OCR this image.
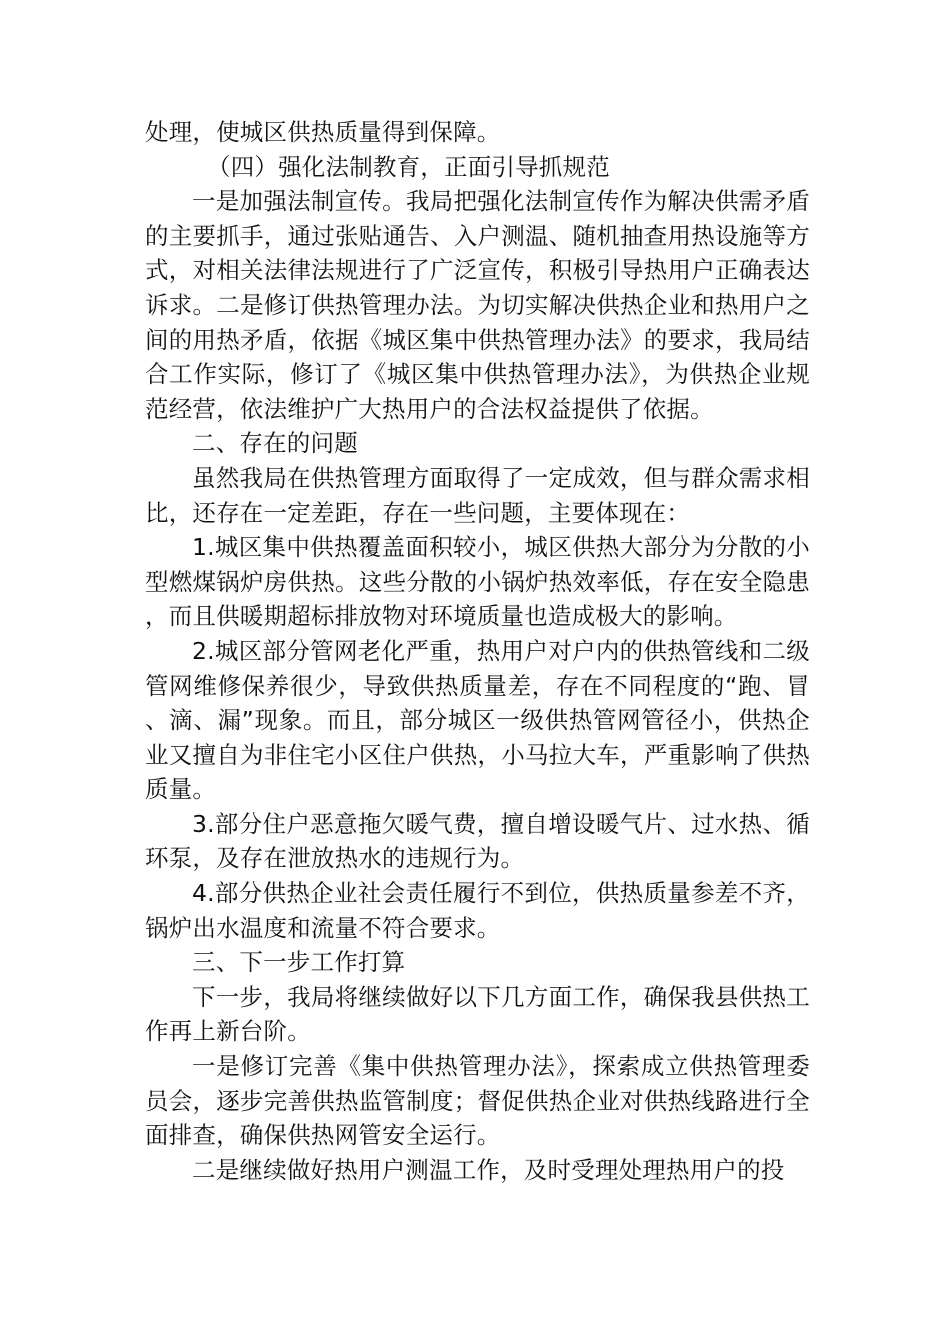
处理，使城区供热质量得到保障。

（四）强化法制教育，正面引导抓规范

一是加强法制宣传。我局把强化法制宣传作为解决供需矛盾的主要抓手，通过张贴通告、入户测温、随机抽查用热设施等方式，对相关法律法规进行了广泛宣传，积极引导热用户正确表达诉求。二是修订供热管理办法。为切实解决供热企业和热用户之间的用热矛盾，依据《城区集中供热管理办法》的要求，我局结合工作实际，修订了《城区集中供热管理办法》，为供热企业规范经营，依法维护广大热用户的合法权益提供了依据。

二、存在的问题

虽然我局在供热管理方面取得了一定成效，但与群众需求相比，还存在一定差距，存在一些问题，主要体现在：

1.城区集中供热覆盖面积较小，城区供热大部分为分散的小型燃煤锅炉房供热。这些分散的小锅炉热效率低，存在安全隐患，而且供暖期超标排放物对环境质量也造成极大的影响。

2.城区部分管网老化严重，热用户对户内的供热管线和二级管网维修保养很少，导致供热质量差，存在不同程度的“跑、冒、滴、漏”现象。而且，部分城区一级供热管网管径小，供热企业又擅自为非住宅小区住户供热，小马拉大车，严重影响了供热质量。

3.部分住户恶意拖欠暖气费，擅自增设暖气片、过水热、循环泵，及存在泄放热水的违规行为。

4.部分供热企业社会责任履行不到位，供热质量参差不齐，锅炉出水温度和流量不符合要求。

三、下一步工作打算

下一步，我局将继续做好以下几方面工作，确保我县供热工作再上新台阶。

一是修订完善《集中供热管理办法》，探索成立供热管理委员会，逐步完善供热监管制度；督促供热企业对供热线路进行全面排查，确保供热网管安全运行。

二是继续做好热用户测温工作，及时受理处理热用户的投
